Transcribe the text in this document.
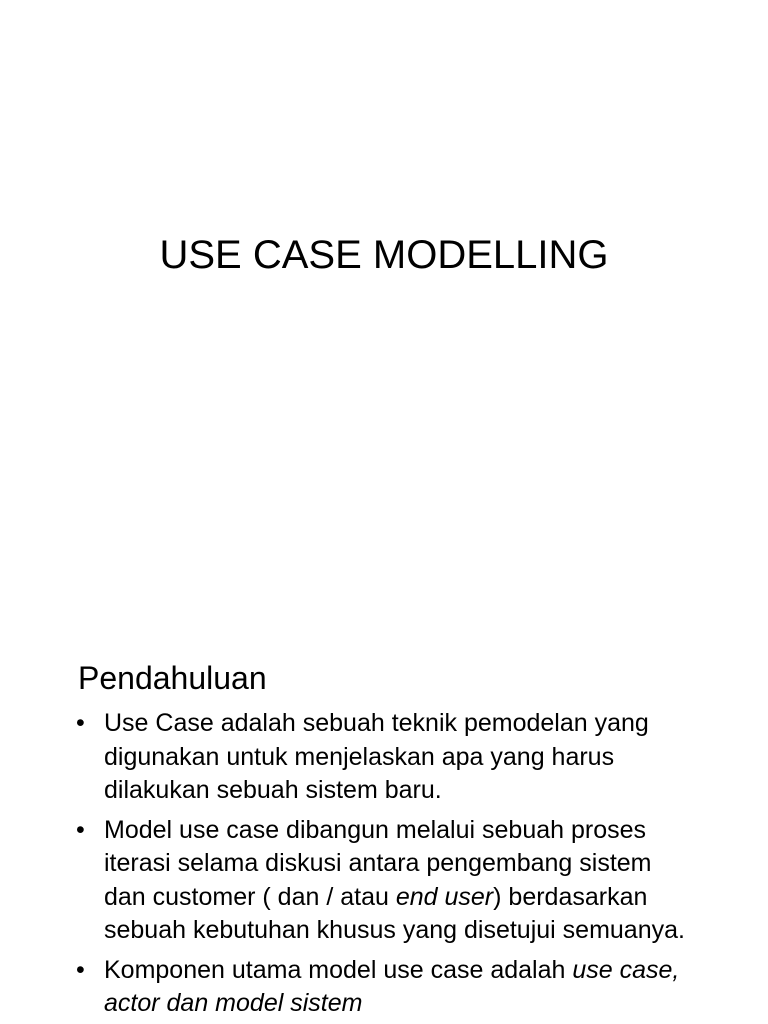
USE CASE MODELLING
Pendahuluan
• Use Case adalah sebuah teknik pemodelan yang digunakan untuk menjelaskan apa yang harus dilakukan sebuah sistem baru.
• Model use case dibangun melalui sebuah proses iterasi selama diskusi antara pengembang sistem dan customer ( dan / atau end user) berdasarkan sebuah kebutuhan khusus yang disetujui semuanya.
• Komponen utama model use case adalah use case, actor dan model sistem
